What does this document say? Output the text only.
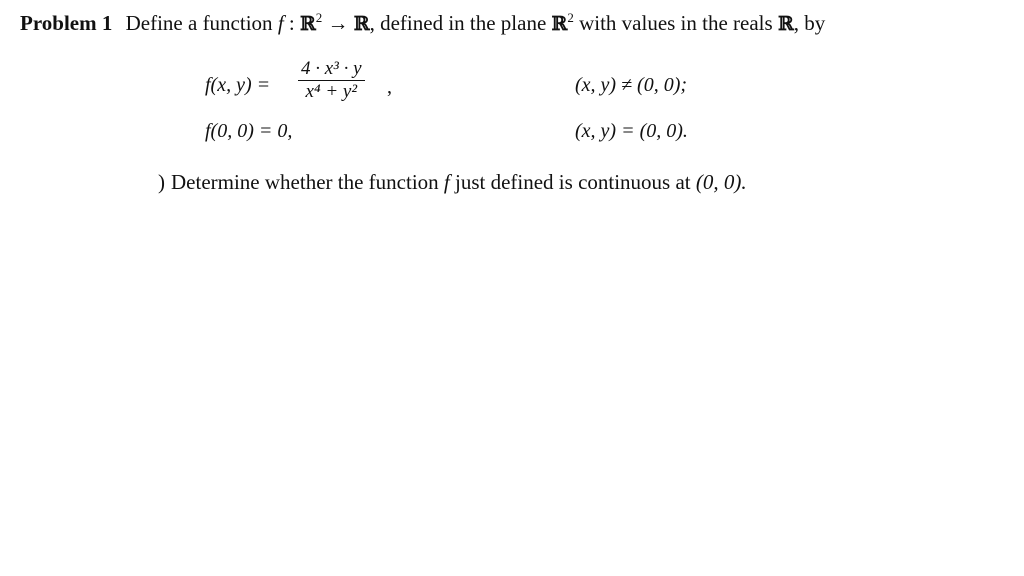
Problem 1 Define a function f : ℝ$^2$ → ℝ, defined in the plane ℝ$^2$ with values in the reals ℝ, by
f(x, y) =
4 · x³ · y
x⁴ + y²	,	(x, y) ≠ (0, 0);
f(0, 0) = 0,	(x, y) = (0, 0).
) Determine whether the function f just defined is continuous at (0, 0).
